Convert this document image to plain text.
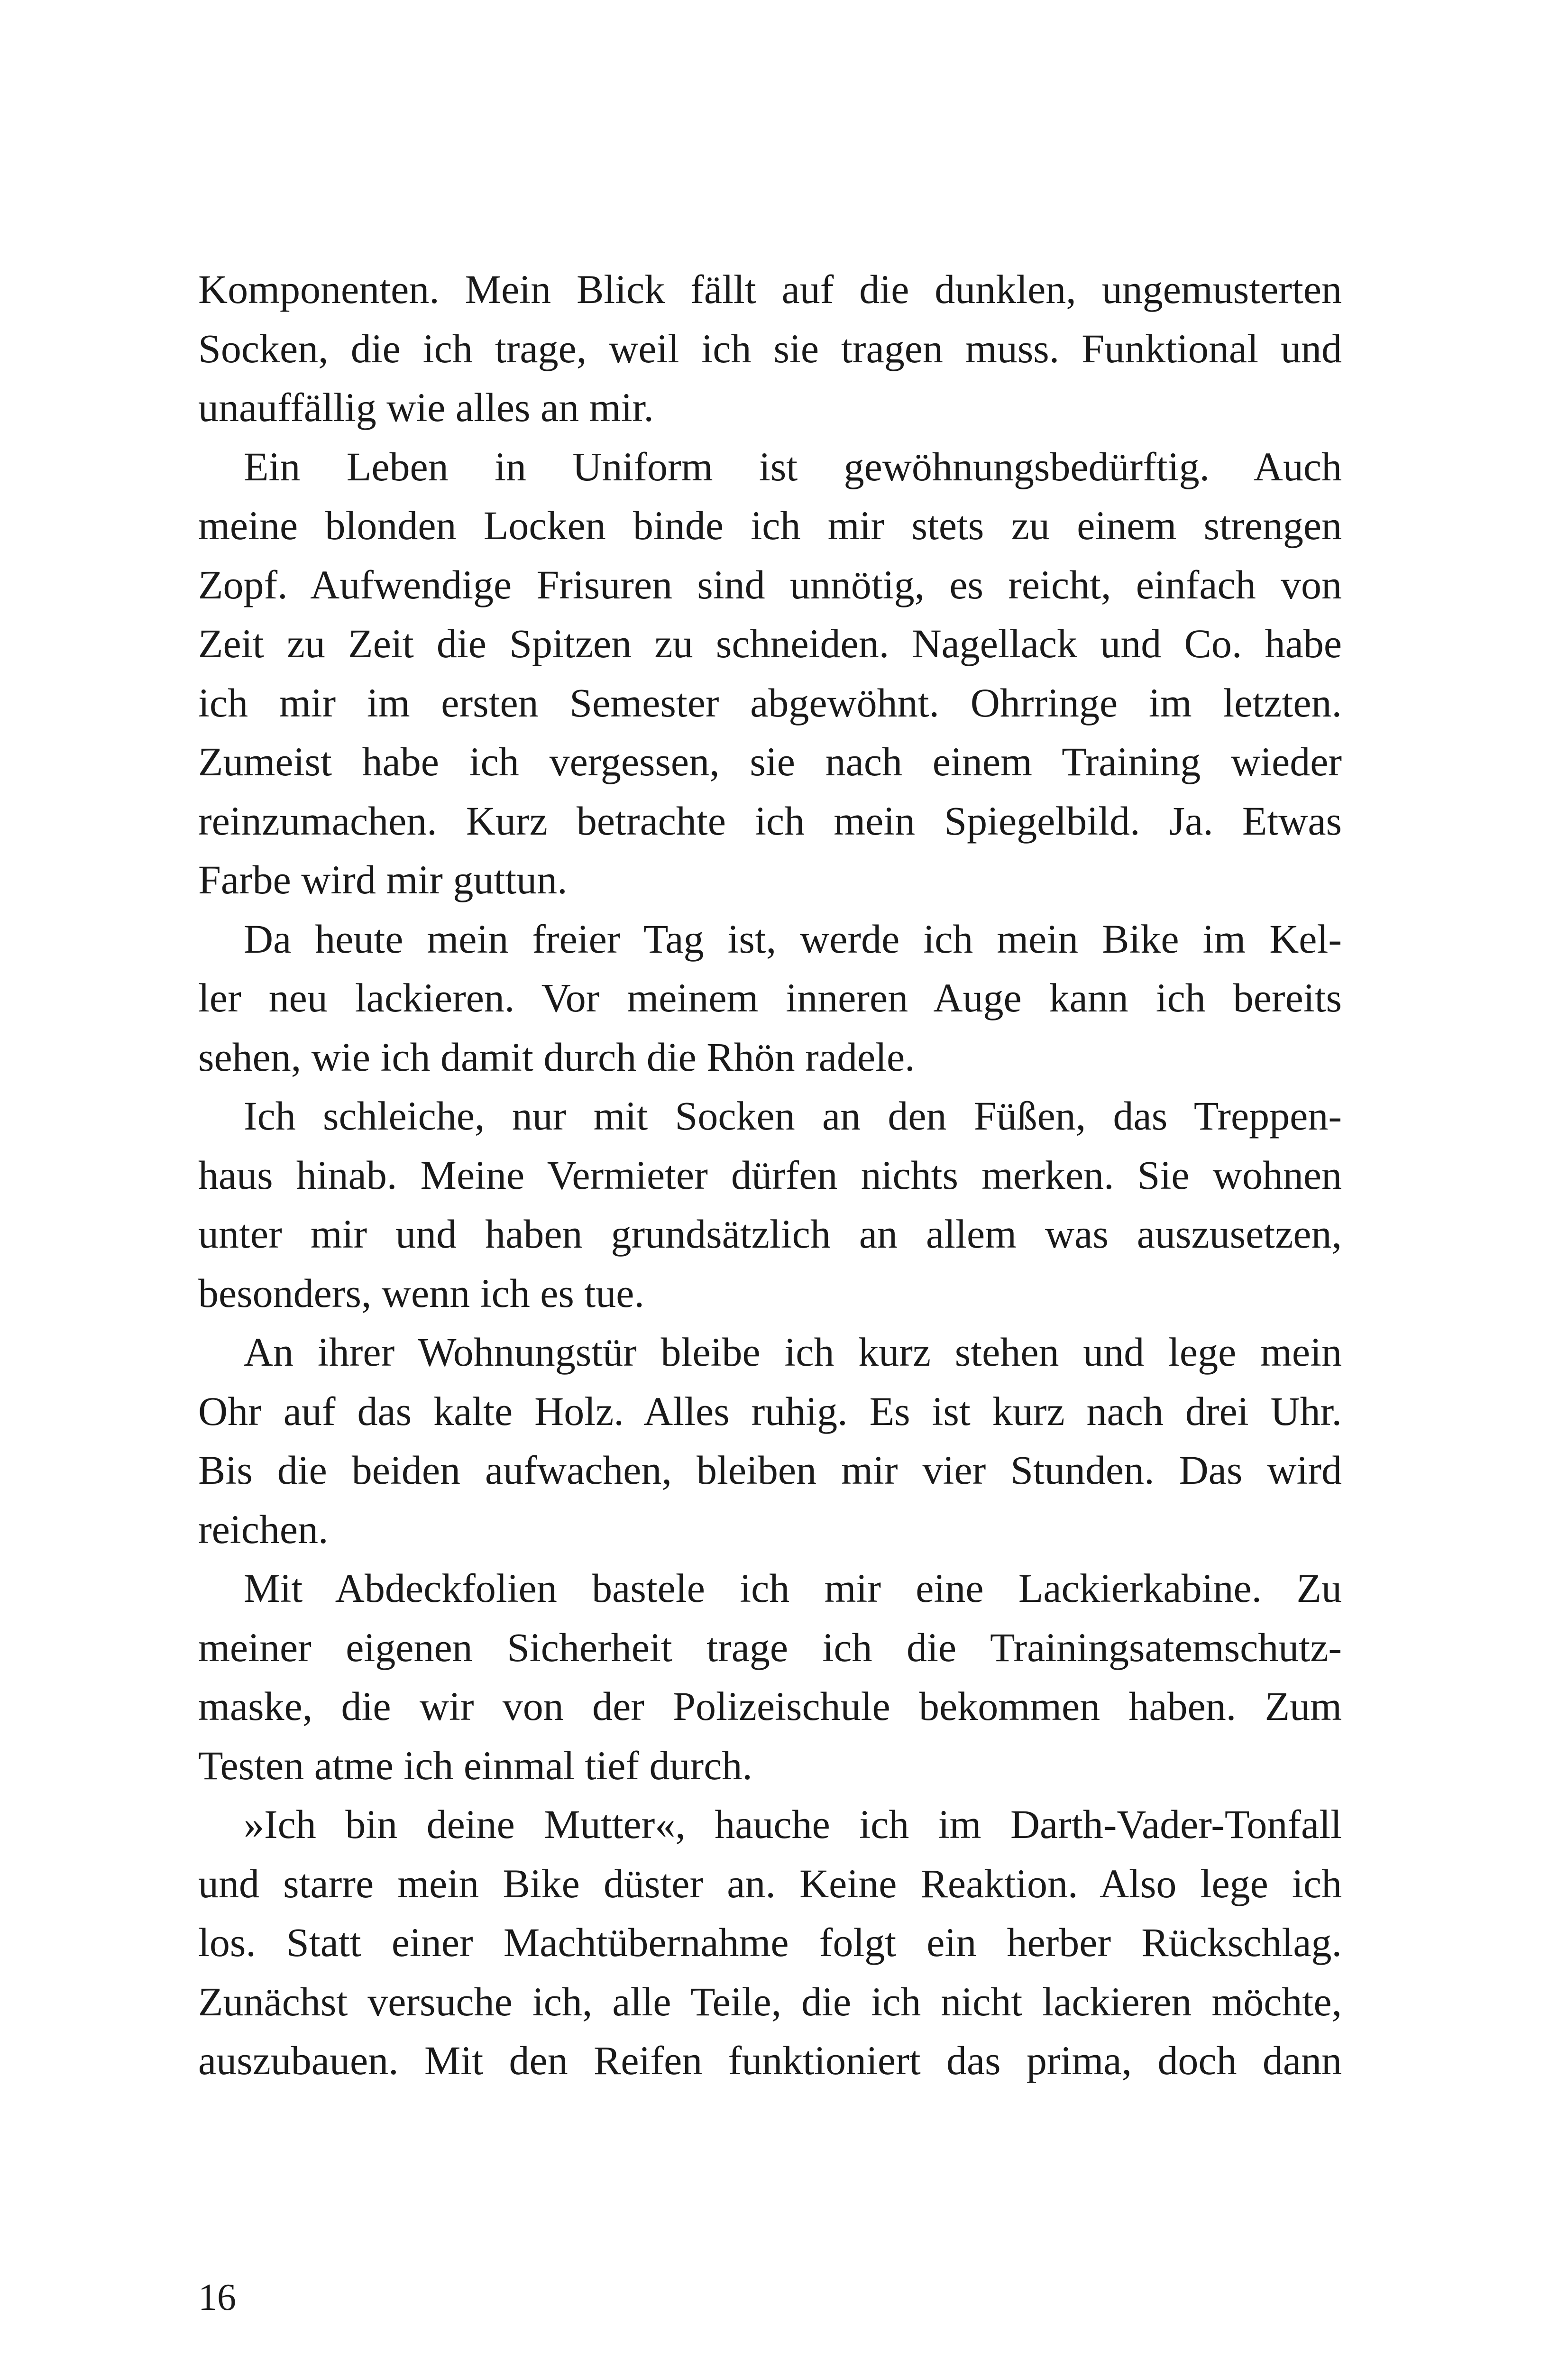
Komponenten. Mein Blick fällt auf die dunklen, ungemusterten
Socken, die ich trage, weil ich sie tragen muss. Funktional und
unauffällig wie alles an mir.
Ein Leben in Uniform ist gewöhnungsbedürftig. Auch
meine blonden Locken binde ich mir stets zu einem strengen
Zopf. Aufwendige Frisuren sind unnötig, es reicht, einfach von
Zeit zu Zeit die Spitzen zu schneiden. Nagellack und Co. habe
ich mir im ersten Semester abgewöhnt. Ohrringe im letzten.
Zumeist habe ich vergessen, sie nach einem Training wieder
reinzumachen. Kurz betrachte ich mein Spiegelbild. Ja. Etwas
Farbe wird mir guttun.
Da heute mein freier Tag ist, werde ich mein Bike im Kel-
ler neu lackieren. Vor meinem inneren Auge kann ich bereits
sehen, wie ich damit durch die Rhön radele.
Ich schleiche, nur mit Socken an den Füßen, das Treppen-
haus hinab. Meine Vermieter dürfen nichts merken. Sie wohnen
unter mir und haben grundsätzlich an allem was auszusetzen,
besonders, wenn ich es tue.
An ihrer Wohnungstür bleibe ich kurz stehen und lege mein
Ohr auf das kalte Holz. Alles ruhig. Es ist kurz nach drei Uhr.
Bis die beiden aufwachen, bleiben mir vier Stunden. Das wird
reichen.
Mit Abdeckfolien bastele ich mir eine Lackierkabine. Zu
meiner eigenen Sicherheit trage ich die Trainingsatemschutz-
maske, die wir von der Polizeischule bekommen haben. Zum
Testen atme ich einmal tief durch.
»Ich bin deine Mutter«, hauche ich im Darth-Vader-Tonfall
und starre mein Bike düster an. Keine Reaktion. Also lege ich
los. Statt einer Machtübernahme folgt ein herber Rückschlag.
Zunächst versuche ich, alle Teile, die ich nicht lackieren möchte,
auszubauen. Mit den Reifen funktioniert das prima, doch dann
16
